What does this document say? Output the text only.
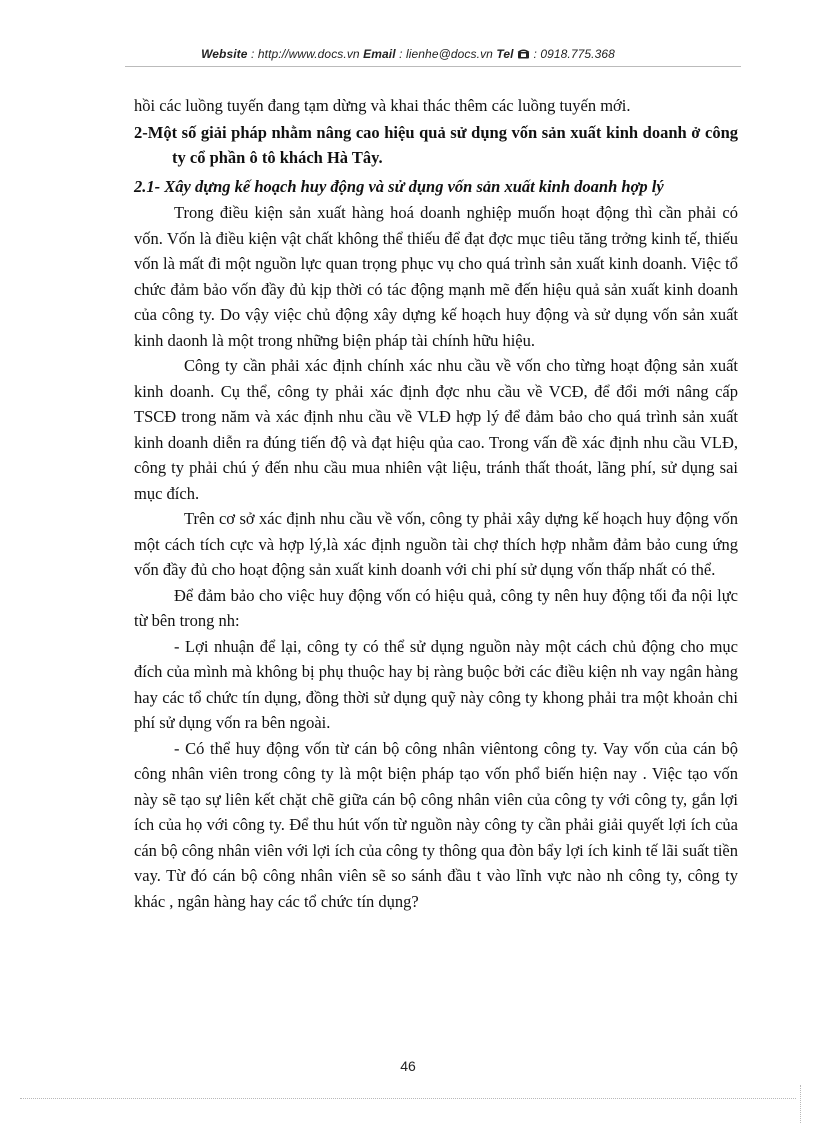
Website : http://www.docs.vn Email : lienhe@docs.vn Tel  : 0918.775.368

hồi các luồng tuyến đang tạm dừng và khai thác thêm các luồng tuyến mới.

2-Một số giải pháp nhằm nâng cao hiệu quả sử dụng vốn sản xuất kinh doanh ở công ty cổ phần ô tô khách Hà Tây.

2.1- Xây dựng kế hoạch huy động và sử dụng vốn sản xuất kinh doanh hợp lý

Trong điều kiện sản xuất hàng hoá doanh nghiệp muốn hoạt động thì cần phải có vốn. Vốn là điều kiện vật chất không thể thiếu để đạt đợc mục tiêu tăng trởng kinh tế, thiếu vốn là mất đi một nguồn lực quan trọng phục vụ cho quá trình sản xuất kinh doanh. Việc tổ chức đảm bảo vốn đầy đủ kịp thời có tác động mạnh mẽ đến hiệu quả sản xuất kinh doanh của công ty. Do vậy việc chủ động xây dựng kế hoạch huy động và sử dụng vốn sản xuất kinh daonh là một trong những biện pháp tài chính hữu hiệu.

Công ty cần phải xác định chính xác nhu cầu về vốn cho từng hoạt động sản xuất kinh doanh. Cụ thể, công ty phải xác định đợc nhu cầu về VCĐ, để đổi mới nâng cấp TSCĐ trong năm và xác định nhu cầu về VLĐ hợp lý để đảm bảo cho quá trình sản xuất kinh doanh diễn ra đúng tiến độ và đạt hiệu qủa cao. Trong vấn đề xác định nhu cầu VLĐ, công ty phải chú ý đến nhu cầu mua nhiên vật liệu, tránh thất thoát, lãng phí, sử dụng sai mục đích.

Trên cơ sở xác định nhu cầu về vốn, công ty phải xây dựng kế hoạch huy động vốn một cách tích cực và hợp lý,là xác định nguồn tài chợ thích hợp nhằm đảm bảo cung ứng vốn đầy đủ cho hoạt động sản xuất kinh doanh với chi phí sử dụng vốn thấp nhất có thể.

Để đảm bảo cho việc huy động vốn có hiệu quả, công ty nên huy động tối đa nội lực từ bên trong nh:

- Lợi nhuận để lại, công ty có thể sử dụng nguồn này một cách chủ động cho mục đích của mình mà không bị phụ thuộc hay bị ràng buộc bởi các điều kiện nh vay ngân hàng hay các tổ chức tín dụng, đồng thời sử dụng quỹ này công ty khong phải tra một khoản chi phí sử dụng vốn ra bên ngoài.

- Có thể huy động vốn từ cán bộ công nhân viêntong công ty. Vay vốn của cán bộ công nhân viên trong công ty là một biện pháp tạo vốn phổ biến hiện nay . Việc tạo vốn này sẽ tạo sự liên kết chặt chẽ giữa cán bộ công nhân viên của công ty với công ty, gắn lợi ích của họ với công ty. Để thu hút vốn từ nguồn này công ty cần phải giải quyết lợi ích của cán bộ công nhân viên với lợi ích của công ty thông qua đòn bẩy lợi ích kinh tế lãi suất tiền vay. Từ đó cán bộ công nhân viên sẽ so sánh đầu t vào lĩnh vực nào nh công ty, công ty khác , ngân hàng hay các tổ chức tín dụng?

46
